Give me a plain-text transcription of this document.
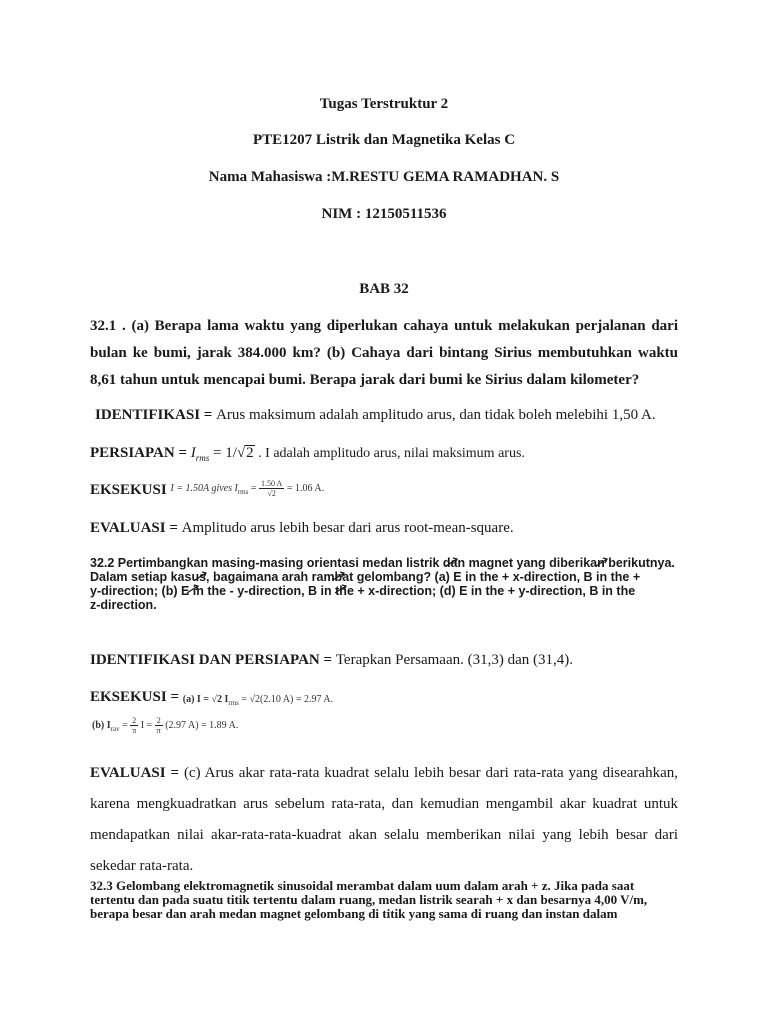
Tugas Terstruktur 2
PTE1207 Listrik dan Magnetika Kelas C
Nama Mahasiswa :M.RESTU GEMA RAMADHAN. S
NIM : 12150511536
BAB 32
32.1 . (a) Berapa lama waktu yang diperlukan cahaya untuk melakukan perjalanan dari
bulan ke bumi, jarak 384.000 km? (b) Cahaya dari bintang Sirius membutuhkan waktu
8,61 tahun untuk mencapai bumi. Berapa jarak dari bumi ke Sirius dalam kilometer?
IDENTIFIKASI = Arus maksimum adalah amplitudo arus, dan tidak boleh melebihi 1,50 A.
PERSIAPAN = $I_{rms} = 1/√2$ . I adalah amplitudo arus, nilai maksimum arus.
EKSEKUSI I = 1.50A gives $I_{rms} = \frac{1.50 A}{√2} = 1.06$ A.
EVALUASI = Amplitudo arus lebih besar dari arus root-mean-square.
32.2 Pertimbangkan masing-masing orientasi medan listrik dan magnet yang diberikan berikutnya.
Dalam setiap kasus, bagaimana arah rambat gelombang? (a) E in the + x-direction, B in the +
y-direction; (b) E in the - y-direction, B in the + x-direction; (d) E in the + y-direction, B in the
z-direction.
IDENTIFIKASI DAN PERSIAPAN = Terapkan Persamaan. (31,3) dan (31,4).
EKSEKUSI = (a) I = √2 $I_{rms} = √2(2.10$ A) = 2.97 A.
(b) $I_{rav} = \frac{2}{\pi}$ $I = \frac{2}{\pi} (2.97$ A) = 1.89 A.
EVALUASI = (c) Arus akar rata-rata kuadrat selalu lebih besar dari rata-rata yang disearahkan,
karena mengkuadratkan arus sebelum rata-rata, dan kemudian mengambil akar kuadrat untuk
mendapatkan nilai akar-rata-rata-kuadrat akan selalu memberikan nilai yang lebih besar dari
sekedar rata-rata.
32.3 Gelombang elektromagnetik sinusoidal merambat dalam uum dalam arah + z. Jika pada saat
tertentu dan pada suatu titik tertentu dalam ruang, medan listrik searah + x dan besarnya 4,00 V/m,
berapa besar dan arah medan magnet gelombang di titik yang sama di ruang dan instan dalam
